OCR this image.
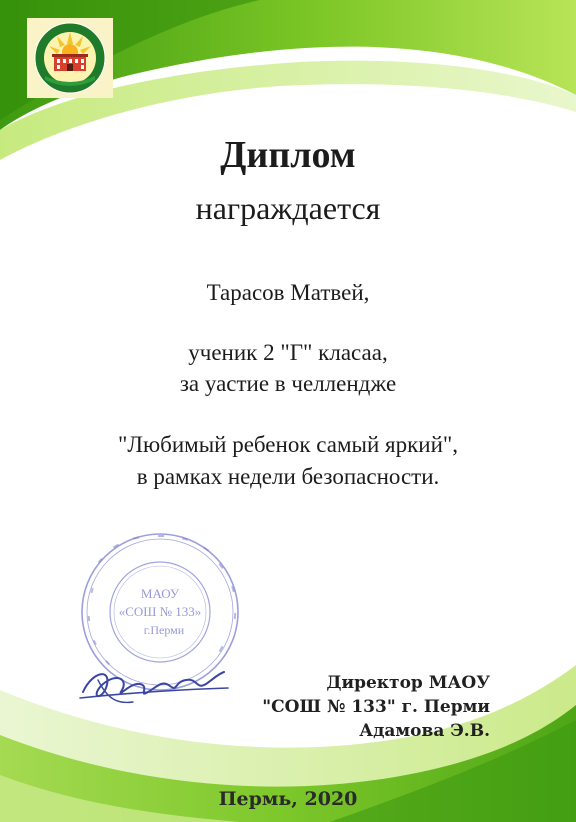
Диплом
награждается
Тарасов Матвей,
ученик 2 "Г" класаа,
за уастие в челлендже
"Любимый ребенок самый яркий",
в рамках недели безопасности.
МАОУ
«СОШ № 133»
г.Перми
Директор МАОУ
"СОШ № 133" г. Перми
Адамова Э.В.
Пермь, 2020
